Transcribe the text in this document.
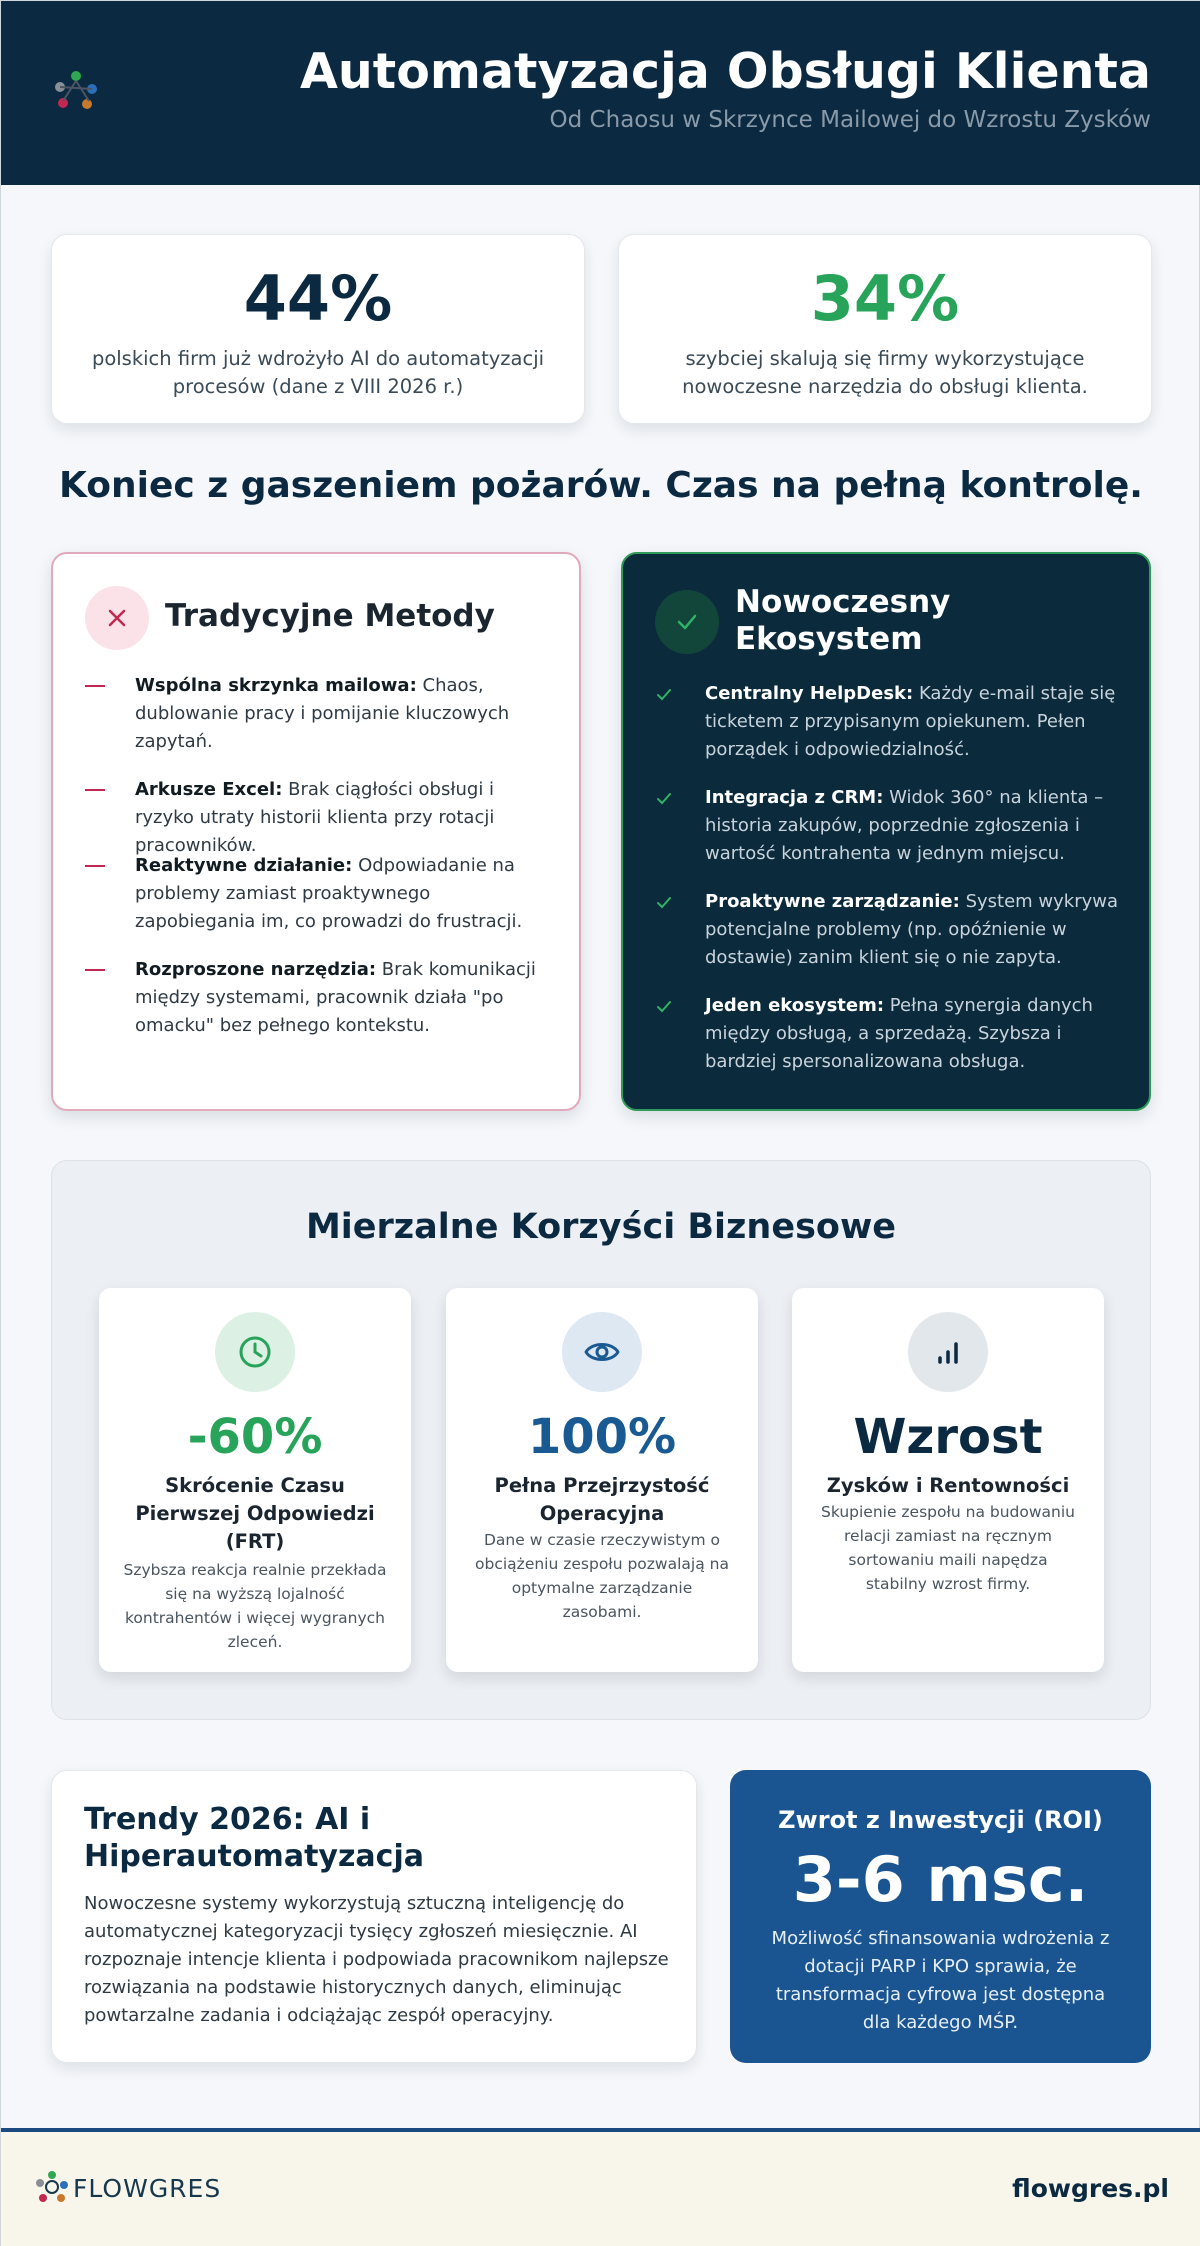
Automatyzacja Obsługi Klienta
Od Chaosu w Skrzynce Mailowej do Wzrostu Zysków
44%
polskich firm już wdrożyło AI do automatyzacji procesów (dane z VIII 2026 r.)
34%
szybciej skalują się firmy wykorzystujące nowoczesne narzędzia do obsługi klienta.
Koniec z gaszeniem pożarów. Czas na pełną kontrolę.
Tradycyjne Metody
Wspólna skrzynka mailowa: Chaos, dublowanie pracy i pomijanie kluczowych zapytań.
Arkusze Excel: Brak ciągłości obsługi i ryzyko utraty historii klienta przy rotacji pracowników.
Reaktywne działanie: Odpowiadanie na problemy zamiast proaktywnego zapobiegania im, co prowadzi do frustracji.
Rozproszone narzędzia: Brak komunikacji między systemami, pracownik działa "po omacku" bez pełnego kontekstu.
Nowoczesny Ekosystem
Centralny HelpDesk: Każdy e-mail staje się ticketem z przypisanym opiekunem. Pełen porządek i odpowiedzialność.
Integracja z CRM: Widok 360° na klienta – historia zakupów, poprzednie zgłoszenia i wartość kontrahenta w jednym miejscu.
Proaktywne zarządzanie: System wykrywa potencjalne problemy (np. opóźnienie w dostawie) zanim klient się o nie zapyta.
Jeden ekosystem: Pełna synergia danych między obsługą, a sprzedażą. Szybsza i bardziej spersonalizowana obsługa.
Mierzalne Korzyści Biznesowe
-60%
Skrócenie Czasu Pierwszej Odpowiedzi (FRT)
Szybsza reakcja realnie przekłada się na wyższą lojalność kontrahentów i więcej wygranych zleceń.
100%
Pełna Przejrzystość Operacyjna
Dane w czasie rzeczywistym o obciążeniu zespołu pozwalają na optymalne zarządzanie zasobami.
Wzrost
Zysków i Rentowności
Skupienie zespołu na budowaniu relacji zamiast na ręcznym sortowaniu maili napędza stabilny wzrost firmy.
Trendy 2026: AI i Hiperautomatyzacja
Nowoczesne systemy wykorzystują sztuczną inteligencję do automatycznej kategoryzacji tysięcy zgłoszeń miesięcznie. AI rozpoznaje intencje klienta i podpowiada pracownikom najlepsze rozwiązania na podstawie historycznych danych, eliminując powtarzalne zadania i odciążając zespół operacyjny.
Zwrot z Inwestycji (ROI)
3-6 msc.
Możliwość sfinansowania wdrożenia z dotacji PARP i KPO sprawia, że transformacja cyfrowa jest dostępna dla każdego MŚP.
FLOWGRES	flowgres.pl
